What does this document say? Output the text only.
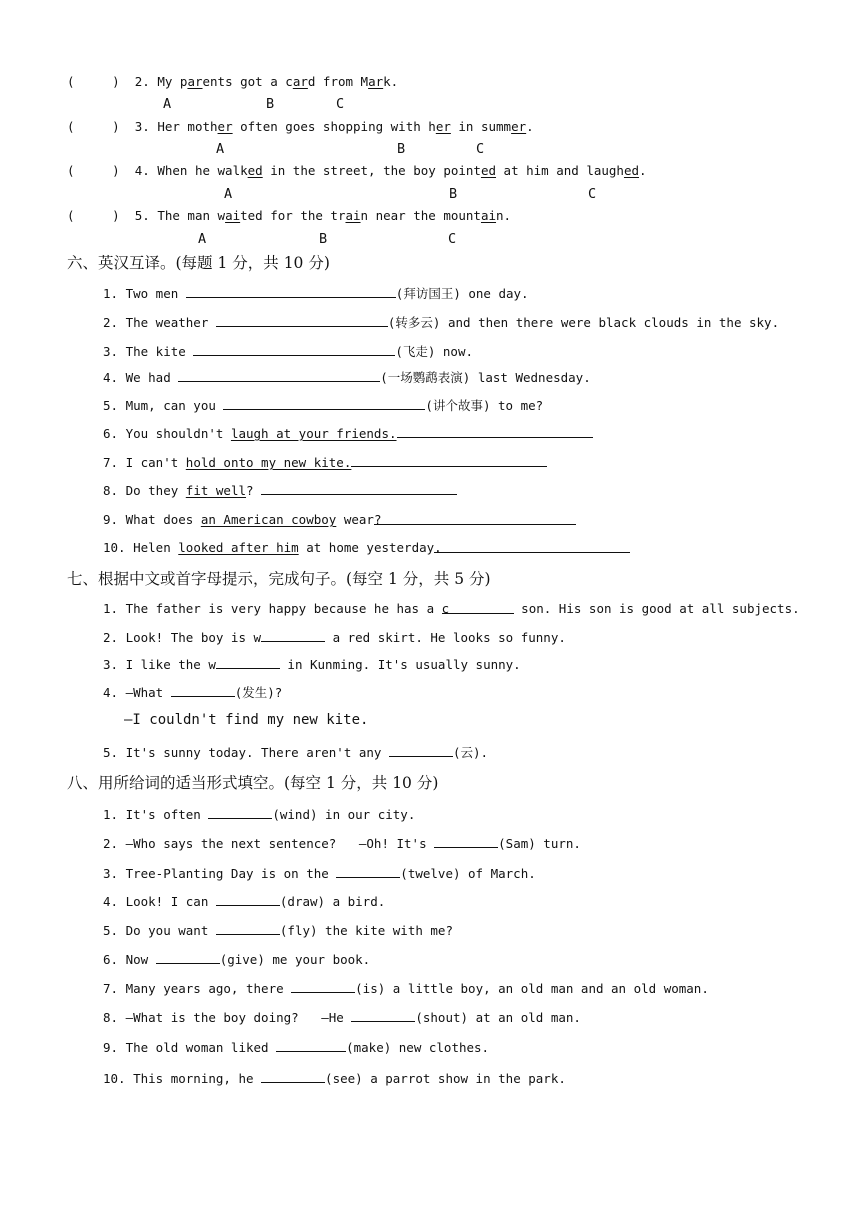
(     ) 2. My parents got a card from Mark.
A	B	C
(     ) 3. Her mother often goes shopping with her in summer.
A	B	C
(     ) 4. When he walked in the street, the boy pointed at him and laughed.
A	B	C
(     ) 5. The man waited for the train near the mountain.
A	B	C
六、英汉互译。(每题 1 分，共 10 分)
1. Two men	(拜访国王) one day.
2. The weather	(转多云) and then there were black clouds in the sky.
3. The kite	(飞走) now.
4. We had	(一场鹦鹉表演) last Wednesday.
5. Mum, can you	(讲个故事) to me?
6. You shouldn't laugh at your friends.
7. I can't hold onto my new kite.
8. Do they fit well?
9. What does an American cowboy wear?
10. Helen looked after him at home yesterday.
七、根据中文或首字母提示，完成句子。(每空 1 分，共 5 分)
1. The father is very happy because he has a c	son. His son is good at all subjects.
2. Look! The boy is w	a red skirt. He looks so funny.
3. I like the w	in Kunming. It's usually sunny.
4. —What	(发生)?
—I couldn't find my new kite.
5. It's sunny today. There aren't any	(云).
八、用所给词的适当形式填空。(每空 1 分，共 10 分)
1. It's often	(wind) in our city.
2. —Who says the next sentence?   —Oh! It's	(Sam) turn.
3. Tree-Planting Day is on the	(twelve) of March.
4. Look! I can	(draw) a bird.
5. Do you want	(fly) the kite with me?
6. Now	(give) me your book.
7. Many years ago, there	(is) a little boy, an old man and an old woman.
8. —What is the boy doing?   —He	(shout) at an old man.
9. The old woman liked	(make) new clothes.
10. This morning, he	(see) a parrot show in the park.
